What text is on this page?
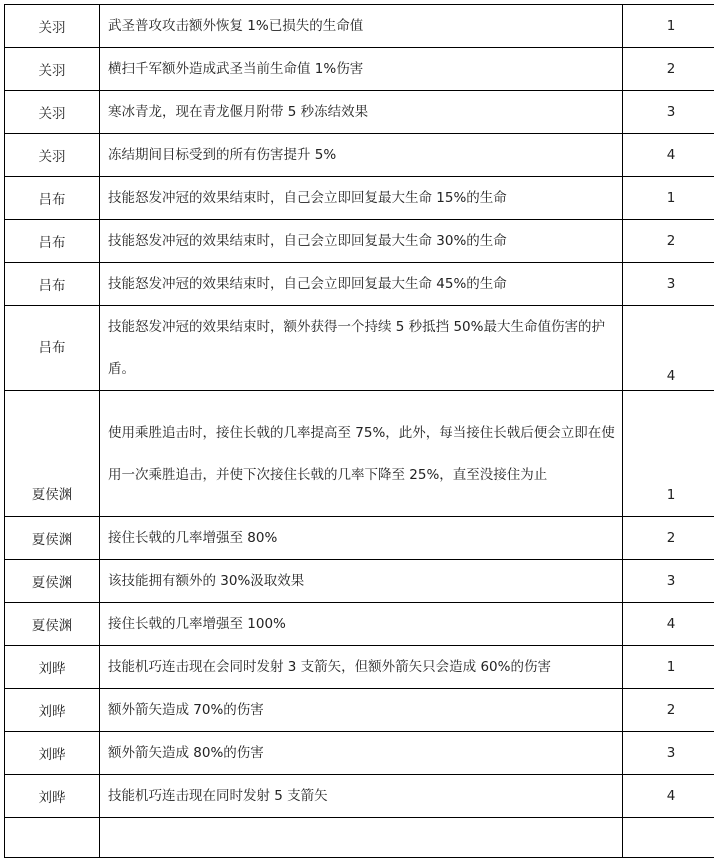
关羽	武圣普攻攻击额外恢复 1%已损失的生命值	1
关羽	横扫千军额外造成武圣当前生命值 1%伤害	2
关羽	寒冰青龙，现在青龙偃月附带 5 秒冻结效果	3
关羽	冻结期间目标受到的所有伤害提升 5%	4
吕布	技能怒发冲冠的效果结束时，自己会立即回复最大生命 15%的生命	1
吕布	技能怒发冲冠的效果结束时，自己会立即回复最大生命 30%的生命	2
吕布	技能怒发冲冠的效果结束时，自己会立即回复最大生命 45%的生命	3
吕布	技能怒发冲冠的效果结束时，额外获得一个持续 5 秒抵挡 50%最大生命值伤害的护盾。	4
夏侯渊	使用乘胜追击时，接住长戟的几率提高至 75%，此外，每当接住长戟后便会立即在使用一次乘胜追击，并使下次接住长戟的几率下降至 25%，直至没接住为止	1
夏侯渊	接住长戟的几率增强至 80%	2
夏侯渊	该技能拥有额外的 30%汲取效果	3
夏侯渊	接住长戟的几率增强至 100%	4
刘晔	技能机巧连击现在会同时发射 3 支箭矢，但额外箭矢只会造成 60%的伤害	1
刘晔	额外箭矢造成 70%的伤害	2
刘晔	额外箭矢造成 80%的伤害	3
刘晔	技能机巧连击现在同时发射 5 支箭矢	4
